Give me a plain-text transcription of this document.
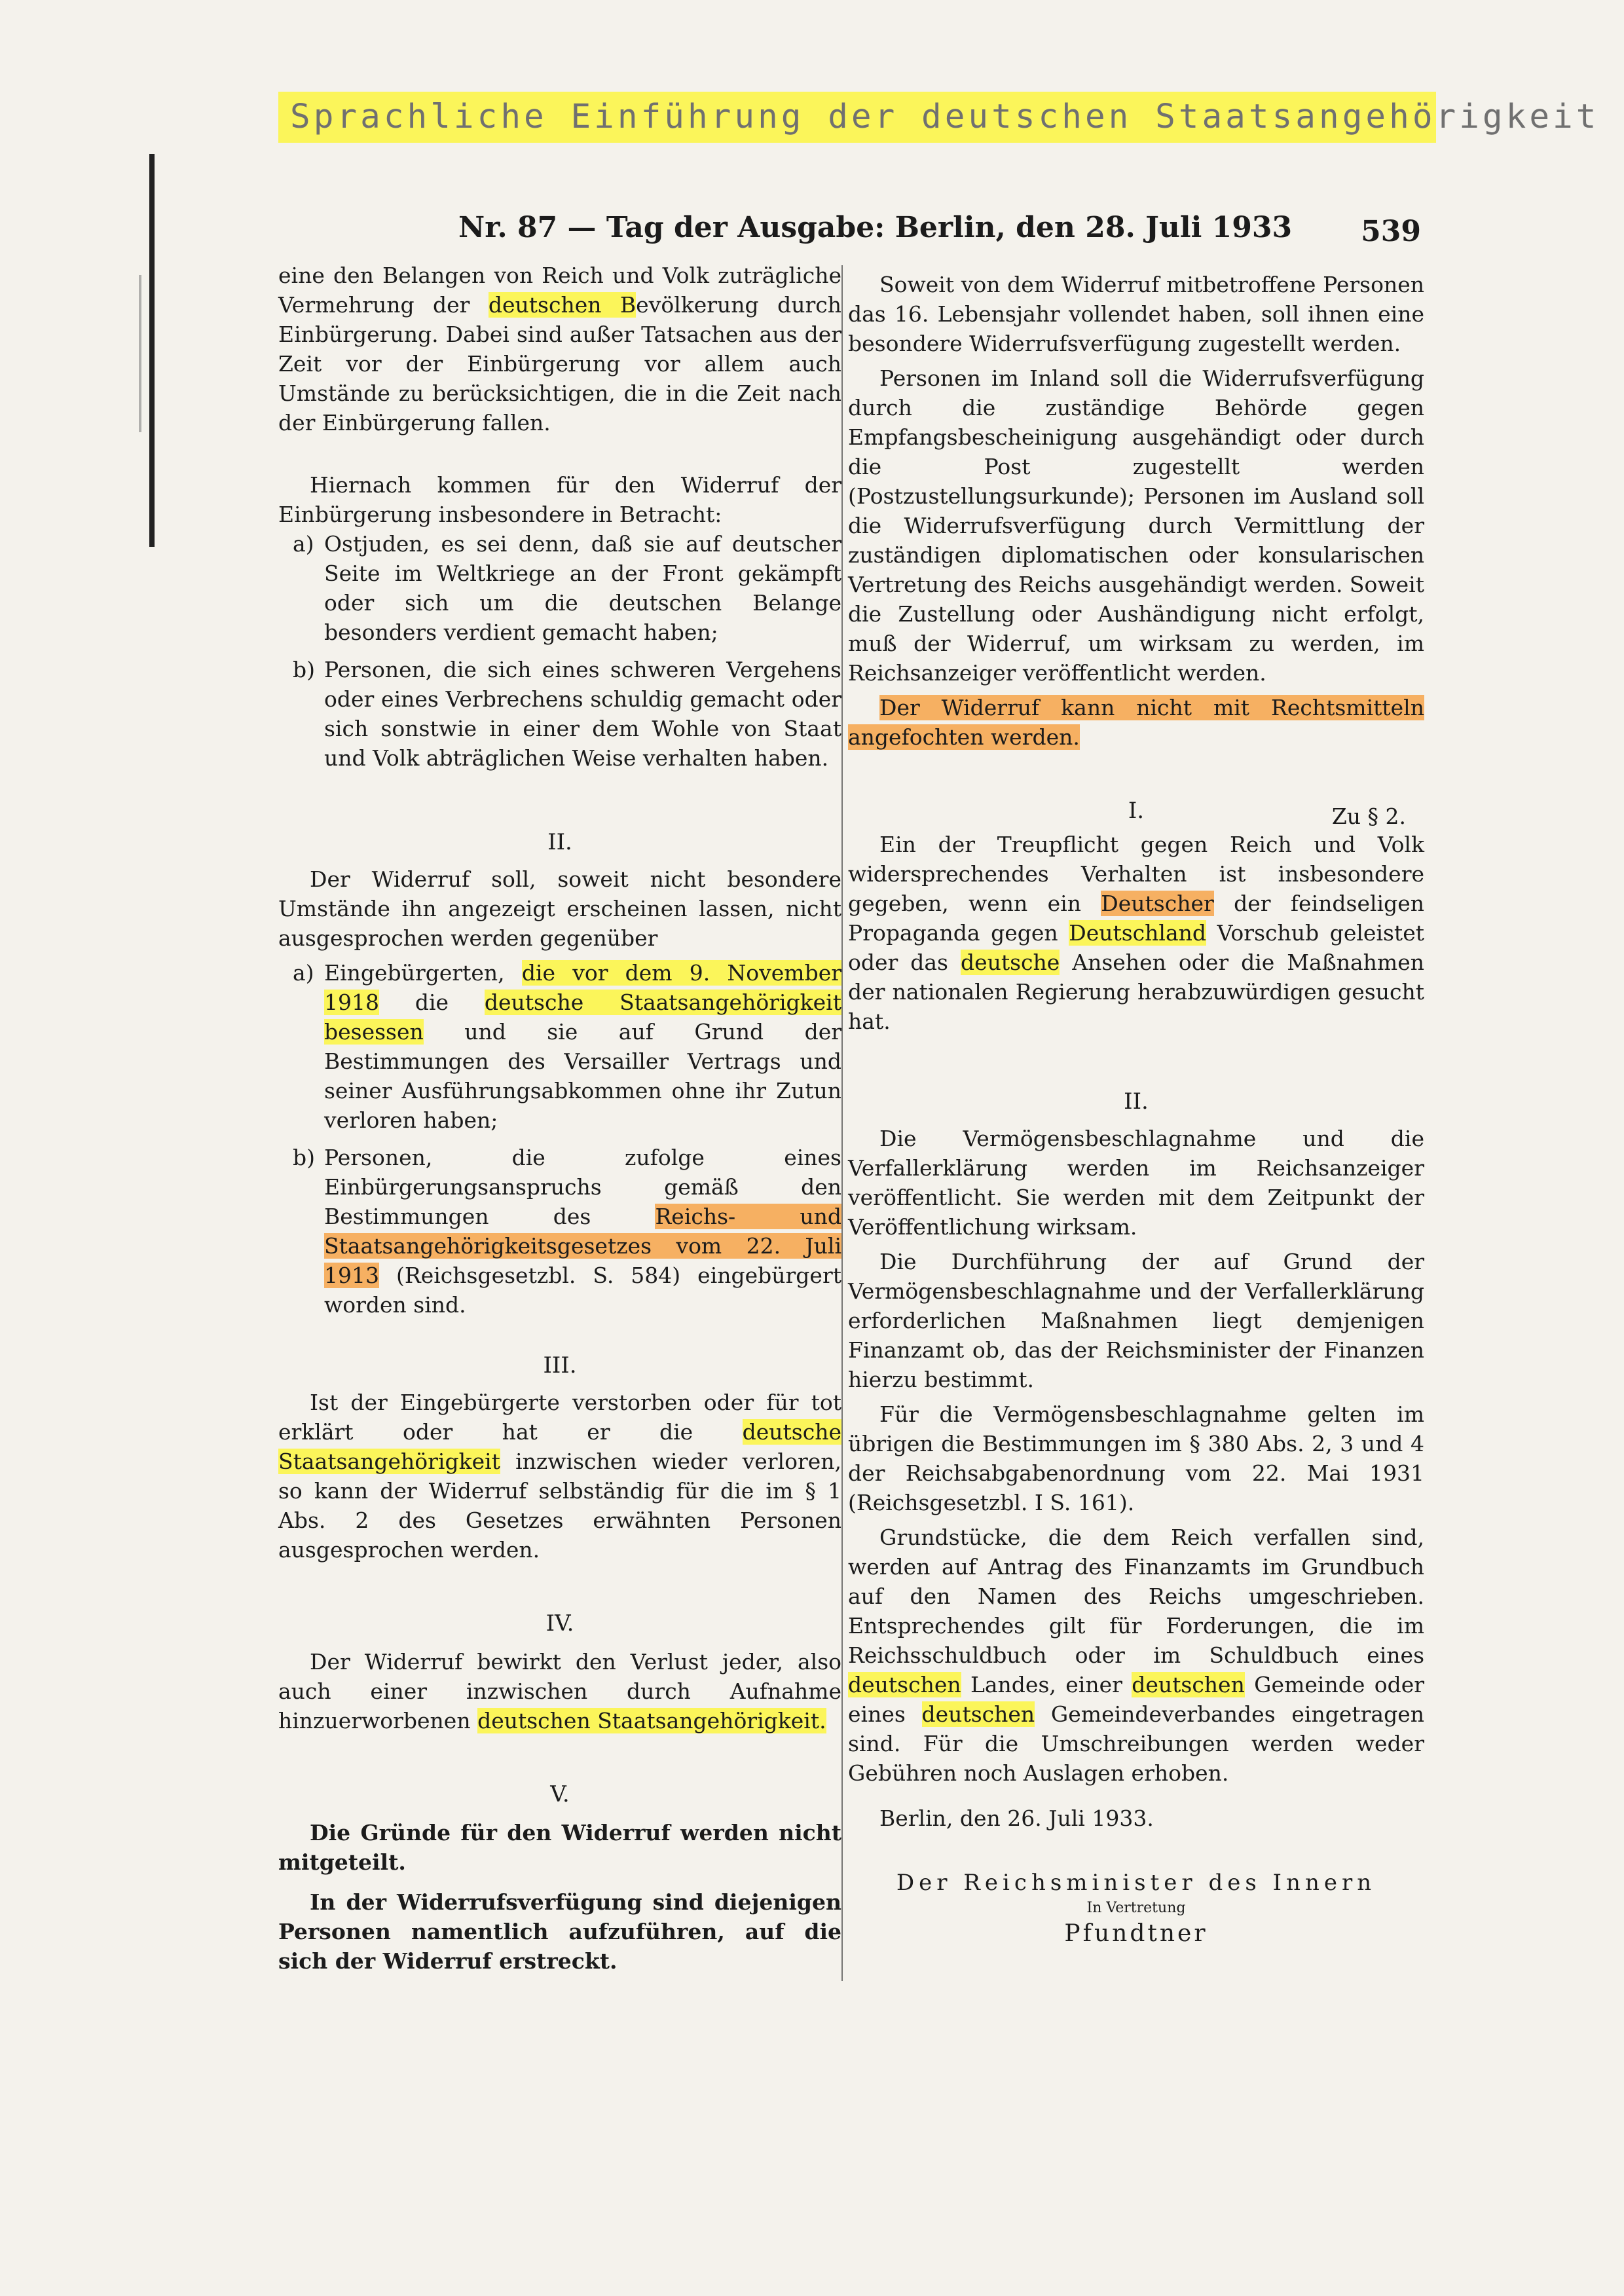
Sprachliche Einführung der deutschen Staatsangehörigkeit
Nr. 87 — Tag der Ausgabe: Berlin, den 28. Juli 1933 539

eine den Belangen von Reich und Volk zuträgliche Vermehrung der deutschen Bevölkerung durch Einbürgerung. Dabei sind außer Tatsachen aus der Zeit vor der Einbürgerung vor allem auch Umstände zu berücksichtigen, die in die Zeit nach der Einbürgerung fallen.

Hiernach kommen für den Widerruf der Einbürgerung insbesondere in Betracht:

a) Ostjuden, es sei denn, daß sie auf deutscher Seite im Weltkriege an der Front gekämpft oder sich um die deutschen Belange besonders verdient gemacht haben;

b) Personen, die sich eines schweren Vergehens oder eines Verbrechens schuldig gemacht oder sich sonstwie in einer dem Wohle von Staat und Volk abträglichen Weise verhalten haben.

II.

Der Widerruf soll, soweit nicht besondere Umstände ihn angezeigt erscheinen lassen, nicht ausgesprochen werden gegenüber

a) Eingebürgerten, die vor dem 9. November 1918 die deutsche Staatsangehörigkeit besessen und sie auf Grund der Bestimmungen des Versailler Vertrags und seiner Ausführungsabkommen ohne ihr Zutun verloren haben;

b) Personen, die zufolge eines Einbürgerungsanspruchs gemäß den Bestimmungen des Reichs- und Staatsangehörigkeitsgesetzes vom 22. Juli 1913 (Reichsgesetzbl. S. 584) eingebürgert worden sind.

III.

Ist der Eingebürgerte verstorben oder für tot erklärt oder hat er die deutsche Staatsangehörigkeit inzwischen wieder verloren, so kann der Widerruf selbständig für die im § 1 Abs. 2 des Gesetzes erwähnten Personen ausgesprochen werden.

IV.

Der Widerruf bewirkt den Verlust jeder, also auch einer inzwischen durch Aufnahme hinzuerworbenen deutschen Staatsangehörigkeit.

V.

Die Gründe für den Widerruf werden nicht mitgeteilt.

In der Widerrufsverfügung sind diejenigen Personen namentlich aufzuführen, auf die sich der Widerruf erstreckt.

Soweit von dem Widerruf mitbetroffene Personen das 16. Lebensjahr vollendet haben, soll ihnen eine besondere Widerrufsverfügung zugestellt werden.

Personen im Inland soll die Widerrufsverfügung durch die zuständige Behörde gegen Empfangsbescheinigung ausgehändigt oder durch die Post zugestellt werden (Postzustellungsurkunde); Personen im Ausland soll die Widerrufsverfügung durch Vermittlung der zuständigen diplomatischen oder konsularischen Vertretung des Reichs ausgehändigt werden. Soweit die Zustellung oder Aushändigung nicht erfolgt, muß der Widerruf, um wirksam zu werden, im Reichsanzeiger veröffentlicht werden.

Der Widerruf kann nicht mit Rechtsmitteln angefochten werden.

I.	Zu § 2.

Ein der Treupflicht gegen Reich und Volk widersprechendes Verhalten ist insbesondere gegeben, wenn ein Deutscher der feindseligen Propaganda gegen Deutschland Vorschub geleistet oder das deutsche Ansehen oder die Maßnahmen der nationalen Regierung herabzuwürdigen gesucht hat.

II.

Die Vermögensbeschlagnahme und die Verfallerklärung werden im Reichsanzeiger veröffentlicht. Sie werden mit dem Zeitpunkt der Veröffentlichung wirksam.

Die Durchführung der auf Grund der Vermögensbeschlagnahme und der Verfallerklärung erforderlichen Maßnahmen liegt demjenigen Finanzamt ob, das der Reichsminister der Finanzen hierzu bestimmt.

Für die Vermögensbeschlagnahme gelten im übrigen die Bestimmungen im § 380 Abs. 2, 3 und 4 der Reichsabgabenordnung vom 22. Mai 1931 (Reichsgesetzbl. I S. 161).

Grundstücke, die dem Reich verfallen sind, werden auf Antrag des Finanzamts im Grundbuch auf den Namen des Reichs umgeschrieben. Entsprechendes gilt für Forderungen, die im Reichsschuldbuch oder im Schuldbuch eines deutschen Landes, einer deutschen Gemeinde oder eines deutschen Gemeindeverbandes eingetragen sind. Für die Umschreibungen werden weder Gebühren noch Auslagen erhoben.

Berlin, den 26. Juli 1933.

Der Reichsminister des Innern

In Vertretung

Pfundtner
